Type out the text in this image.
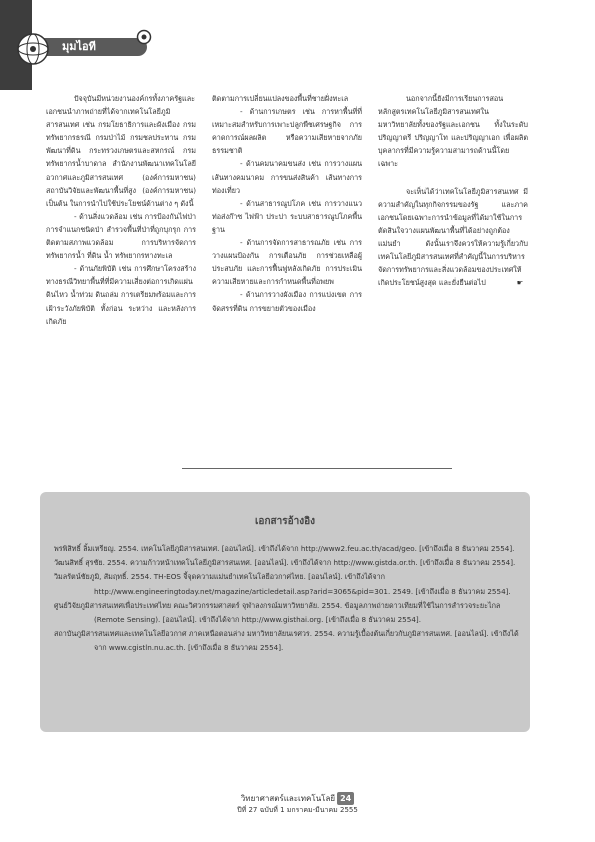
มุมไอที

ปัจจุบันมีหน่วยงานองค์กรทั้งภาครัฐและเอกชนนำภาพถ่ายที่ได้จากเทคโนโลยีภูมิสารสนเทศ เช่น กรมโยธาธิการและผังเมือง กรมทรัพยากรธรณี กรมป่าไม้ กรมชลประทาน กรมพัฒนาที่ดิน กระทรวงเกษตรและสหกรณ์ กรมทรัพยากรน้ำบาดาล สำนักงานพัฒนาเทคโนโลยีอวกาศและภูมิสารสนเทศ (องค์การมหาชน) สถาบันวิจัยและพัฒนาพื้นที่สูง (องค์การมหาชน) เป็นต้น ในการนำไปใช้ประโยชน์ด้านต่าง ๆ ดังนี้

- ด้านสิ่งแวดล้อม เช่น การป้องกันไฟป่า การจำแนกชนิดป่า สำรวจพื้นที่ป่าที่ถูกบุกรุก การติดตามสภาพแวดล้อม การบริหารจัดการทรัพยากรน้ำ ที่ดิน น้ำ ทรัพยากรทางทะเล

- ด้านภัยพิบัติ เช่น การศึกษาโครงสร้างทางธรณีวิทยาพื้นที่ที่มีความเสี่ยงต่อการเกิดแผ่นดินไหว น้ำท่วม ดินถล่ม การเตรียมพร้อมและการเฝ้าระวังภัยพิบัติ ทั้งก่อน ระหว่าง และหลังการเกิดภัย

ติดตามการเปลี่ยนแปลงของพื้นที่ชายฝั่งทะเล

- ด้านการเกษตร เช่น การหาพื้นที่ที่เหมาะสมสำหรับการเพาะปลูกพืชเศรษฐกิจ การคาดการณ์ผลผลิต หรือความเสียหายจากภัยธรรมชาติ

- ด้านคมนาคมขนส่ง เช่น การวางแผนเส้นทางคมนาคม การขนส่งสินค้า เส้นทางการท่องเที่ยว

- ด้านสาธารณูปโภค เช่น การวางแนวท่อส่งก๊าซ ไฟฟ้า ประปา ระบบสาธารณูปโภคพื้นฐาน

- ด้านการจัดการสาธารณภัย เช่น การวางแผนป้องกัน การเตือนภัย การช่วยเหลือผู้ประสบภัย และการฟื้นฟูหลังเกิดภัย การประเมินความเสียหายและการกำหนดพื้นที่อพยพ

- ด้านการวางผังเมือง การแบ่งเขต การจัดสรรที่ดิน การขยายตัวของเมือง

นอกจากนี้ยังมีการเรียนการสอนหลักสูตรเทคโนโลยีภูมิสารสนเทศในมหาวิทยาลัยทั้งของรัฐและเอกชน ทั้งในระดับปริญญาตรี ปริญญาโท และปริญญาเอก เพื่อผลิตบุคลากรที่มีความรู้ความสามารถด้านนี้โดยเฉพาะ

จะเห็นได้ว่าเทคโนโลยีภูมิสารสนเทศ มีความสำคัญในทุกกิจกรรมของรัฐ และภาคเอกชนโดยเฉพาะการนำข้อมูลที่ได้มาใช้ในการตัดสินใจวางแผนพัฒนาพื้นที่ได้อย่างถูกต้องแม่นยำ ดังนั้นเราจึงควรให้ความรู้เกี่ยวกับเทคโนโลยีภูมิสารสนเทศที่สำคัญนี้ในการบริหารจัดการทรัพยากรและสิ่งแวดล้อมของประเทศให้เกิดประโยชน์สูงสุด และยั่งยืนต่อไป	☛

เอกสารอ้างอิง

พรพิสิทธิ์ ลิ้มเหรียญ. 2554. เทคโนโลยีภูมิสารสนเทศ. [ออนไลน์]. เข้าถึงได้จาก http://www2.feu.ac.th/acad/geo. [เข้าถึงเมื่อ 8 ธันวาคม 2554].

วัฒนสิทธิ์ สุรชัย. 2554. ความก้าวหน้าเทคโนโลยีภูมิสารสนเทศ. [ออนไลน์]. เข้าถึงได้จาก http://www.gistda.or.th. [เข้าถึงเมื่อ 8 ธันวาคม 2554].

วิมลรัตน์ชัยภูมิ, สัมฤทธิ์. 2554. TH-EOS จี้จุดความแม่นยำเทคโนโลยีอวกาศไทย. [ออนไลน์]. เข้าถึงได้จาก http://www.engineeringtoday.net/magazine/articledetail.asp?arid=3065&pid=301. 2549. [เข้าถึงเมื่อ 8 ธันวาคม 2554].

ศูนย์วิจัยภูมิสารสนเทศเพื่อประเทศไทย คณะวิศวกรรมศาสตร์ จุฬาลงกรณ์มหาวิทยาลัย. 2554. ข้อมูลภาพถ่ายดาวเทียมที่ใช้ในการสำรวจระยะไกล (Remote Sensing). [ออนไลน์]. เข้าถึงได้จาก http://www.gisthai.org. [เข้าถึงเมื่อ 8 ธันวาคม 2554].

สถาบันภูมิสารสนเทศและเทคโนโลยีอวกาศ ภาคเหนือตอนล่าง มหาวิทยาลัยนเรศวร. 2554. ความรู้เบื้องต้นเกี่ยวกับภูมิสารสนเทศ. [ออนไลน์]. เข้าถึงได้จาก www.cgistln.nu.ac.th. [เข้าถึงเมื่อ 8 ธันวาคม 2554].

วิทยาศาสตร์และเทคโนโลยี 24
ปีที่ 27 ฉบับที่ 1 มกราคม-มีนาคม 2555
